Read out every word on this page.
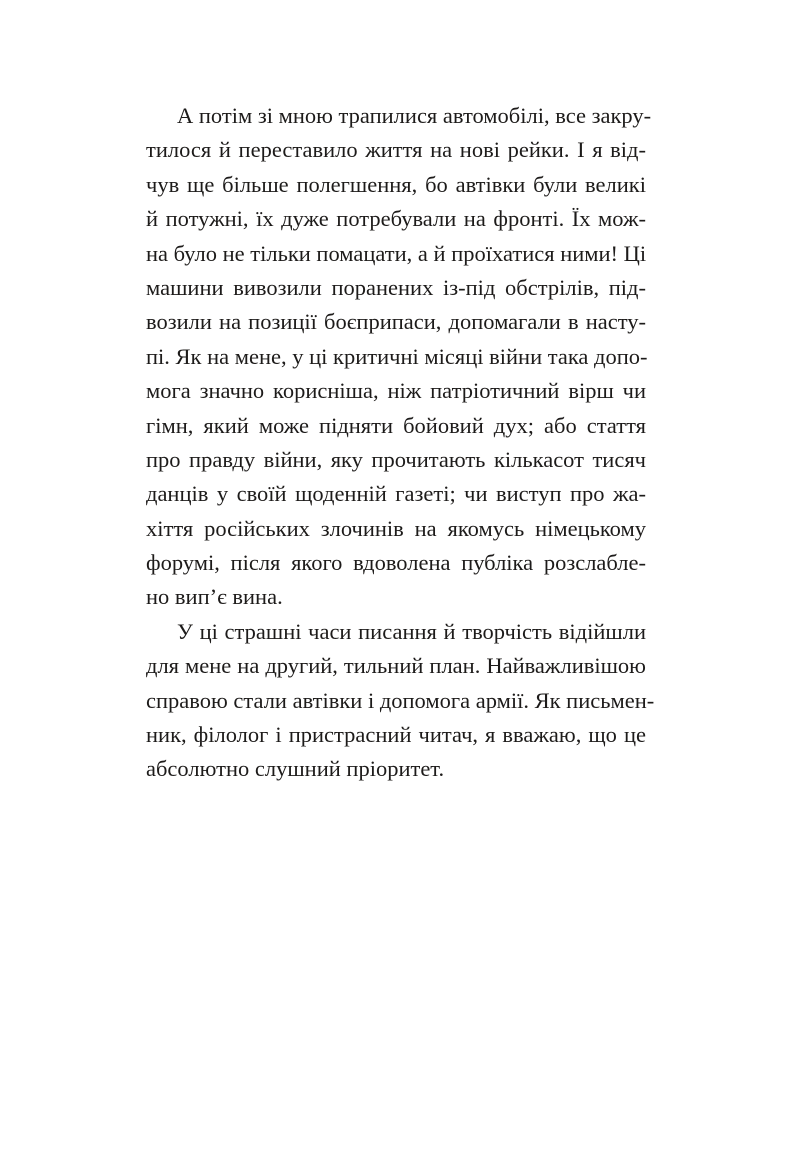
А потім зі мною трапилися автомобілі, все закру-
тилося й переставило життя на нові рейки. І я від-
чув ще більше полегшення, бо автівки були великі
й потужні, їх дуже потребували на фронті. Їх мож-
на було не тільки помацати, а й проїхатися ними! Ці
машини вивозили поранених із-під обстрілів, під-
возили на позиції боєприпаси, допомагали в насту-
пі. Як на мене, у ці критичні місяці війни така допо-
мога значно корисніша, ніж патріотичний вірш чи
гімн, який може підняти бойовий дух; або стаття
про правду війни, яку прочитають кількасот тисяч
данців у своїй щоденній газеті; чи виступ про жа-
хіття російських злочинів на якомусь німецькому
форумі, після якого вдоволена публіка розслабле-
но вип’є вина.

У ці страшні часи писання й творчість відійшли
для мене на другий, тильний план. Найважливішою
справою стали автівки і допомога армії. Як письмен-
ник, філолог і пристрасний читач, я вважаю, що це
абсолютно слушний пріоритет.
